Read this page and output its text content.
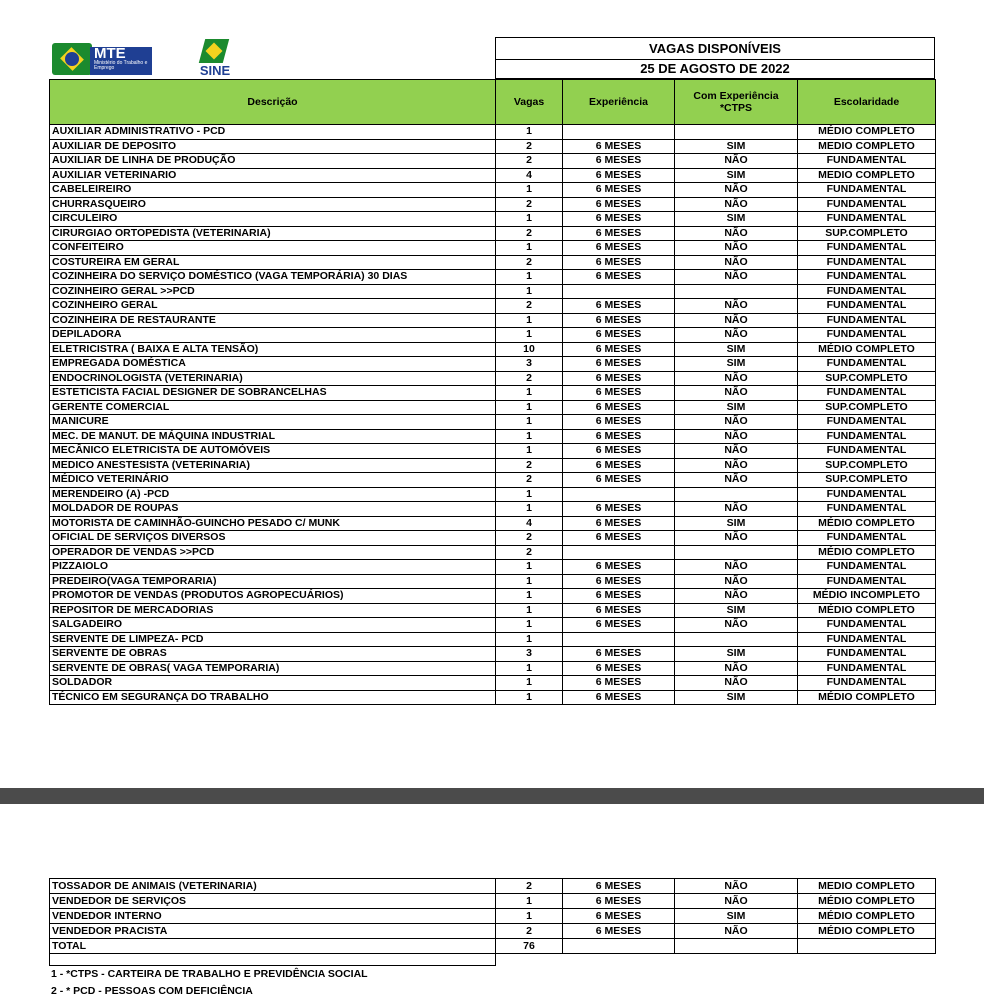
MTE
Ministério do Trabalho e Emprego	SINE
VAGAS DISPONÍVEIS
25 DE AGOSTO DE 2022
Descrição	Vagas	Experiência	Com Experiência *CTPS	Escolaridade
AUXILIAR ADMINISTRATIVO - PCD	1			MÉDIO COMPLETO
AUXILIAR DE DEPOSITO	2	6 MESES	SIM	MEDIO COMPLETO
AUXILIAR DE LINHA DE PRODUÇÃO	2	6 MESES	NÃO	FUNDAMENTAL
AUXILIAR VETERINARIO	4	6 MESES	SIM	MEDIO COMPLETO
CABELEIREIRO	1	6 MESES	NÃO	FUNDAMENTAL
CHURRASQUEIRO	2	6 MESES	NÃO	FUNDAMENTAL
CIRCULEIRO	1	6 MESES	SIM	FUNDAMENTAL
CIRURGIAO ORTOPEDISTA (VETERINARIA)	2	6 MESES	NÃO	SUP.COMPLETO
CONFEITEIRO	1	6 MESES	NÃO	FUNDAMENTAL
COSTUREIRA EM GERAL	2	6 MESES	NÃO	FUNDAMENTAL
COZINHEIRA DO SERVIÇO DOMÉSTICO (VAGA TEMPORÁRIA) 30 DIAS	1	6 MESES	NÃO	FUNDAMENTAL
COZINHEIRO GERAL >>PCD	1			FUNDAMENTAL
COZINHEIRO GERAL	2	6 MESES	NÃO	FUNDAMENTAL
COZINHEIRA DE RESTAURANTE	1	6 MESES	NÃO	FUNDAMENTAL
DEPILADORA	1	6 MESES	NÃO	FUNDAMENTAL
ELETRICISTRA ( BAIXA E ALTA TENSÃO)	10	6 MESES	SIM	MÉDIO COMPLETO
EMPREGADA DOMÉSTICA	3	6 MESES	SIM	FUNDAMENTAL
ENDOCRINOLOGISTA (VETERINARIA)	2	6 MESES	NÃO	SUP.COMPLETO
ESTETICISTA FACIAL DESIGNER DE SOBRANCELHAS	1	6 MESES	NÃO	FUNDAMENTAL
GERENTE COMERCIAL	1	6 MESES	SIM	SUP.COMPLETO
MANICURE	1	6 MESES	NÃO	FUNDAMENTAL
MEC. DE MANUT. DE MÁQUINA INDUSTRIAL	1	6 MESES	NÃO	FUNDAMENTAL
MECÂNICO ELETRICISTA DE AUTOMÓVEIS	1	6 MESES	NÃO	FUNDAMENTAL
MEDICO ANESTESISTA (VETERINARIA)	2	6 MESES	NÃO	SUP.COMPLETO
MÉDICO VETERINÁRIO	2	6 MESES	NÃO	SUP.COMPLETO
MERENDEIRO (A) -PCD	1			FUNDAMENTAL
MOLDADOR DE ROUPAS	1	6 MESES	NÃO	FUNDAMENTAL
MOTORISTA DE CAMINHÃO-GUINCHO PESADO C/ MUNK	4	6 MESES	SIM	MÉDIO COMPLETO
OFICIAL DE SERVIÇOS DIVERSOS	2	6 MESES	NÃO	FUNDAMENTAL
OPERADOR DE VENDAS >>PCD	2			MÉDIO COMPLETO
PIZZAIOLO	1	6 MESES	NÃO	FUNDAMENTAL
PREDEIRO(VAGA TEMPORARIA)	1	6 MESES	NÃO	FUNDAMENTAL
PROMOTOR DE VENDAS (PRODUTOS AGROPECUÁRIOS)	1	6 MESES	NÃO	MÉDIO INCOMPLETO
REPOSITOR DE MERCADORIAS	1	6 MESES	SIM	MÉDIO COMPLETO
SALGADEIRO	1	6 MESES	NÃO	FUNDAMENTAL
SERVENTE DE LIMPEZA- PCD	1			FUNDAMENTAL
SERVENTE DE OBRAS	3	6 MESES	SIM	FUNDAMENTAL
SERVENTE DE OBRAS( VAGA TEMPORARIA)	1	6 MESES	NÃO	FUNDAMENTAL
SOLDADOR	1	6 MESES	NÃO	FUNDAMENTAL
TÉCNICO EM SEGURANÇA DO TRABALHO	1	6 MESES	SIM	MÉDIO COMPLETO
TOSSADOR DE ANIMAIS (VETERINARIA)	2	6 MESES	NÃO	MEDIO COMPLETO
VENDEDOR DE SERVIÇOS	1	6 MESES	NÃO	MÉDIO COMPLETO
VENDEDOR INTERNO	1	6 MESES	SIM	MÉDIO COMPLETO
VENDEDOR PRACISTA	2	6 MESES	NÃO	MÉDIO COMPLETO
TOTAL	76			
1 - *CTPS - CARTEIRA DE TRABALHO E PREVIDÊNCIA SOCIAL
2 - * PCD - PESSOAS COM DEFICIÊNCIA
